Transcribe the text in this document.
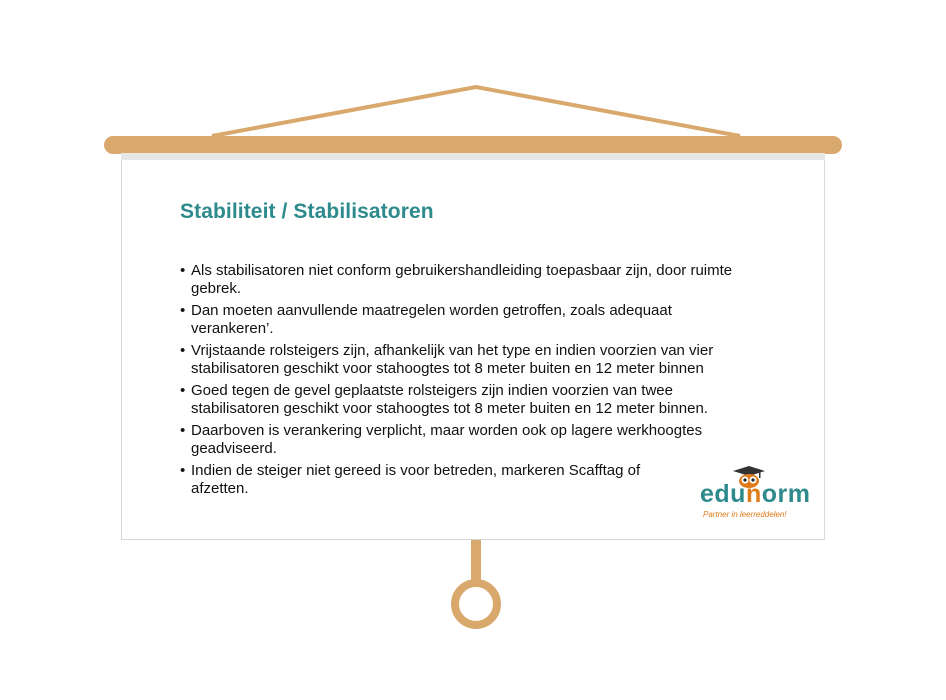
Stabiliteit / Stabilisatoren
• Als stabilisatoren niet conform gebruikershandleiding toepasbaar zijn, door ruimte gebrek.
• Dan moeten aanvullende maatregelen worden getroffen, zoals adequaat verankeren’.
• Vrijstaande rolsteigers zijn, afhankelijk van het type en indien voorzien van vier stabilisatoren geschikt voor stahoogtes tot 8 meter buiten en 12 meter binnen
• Goed tegen de gevel geplaatste rolsteigers zijn indien voorzien van twee stabilisatoren geschikt voor stahoogtes tot 8 meter buiten en 12 meter binnen.
• Daarboven is verankering verplicht, maar worden ook op lagere werkhoogtes geadviseerd.
• Indien de steiger niet gereed is voor betreden, markeren Scafftag of afzetten.	edunorm
Partner in leerreddelen!
